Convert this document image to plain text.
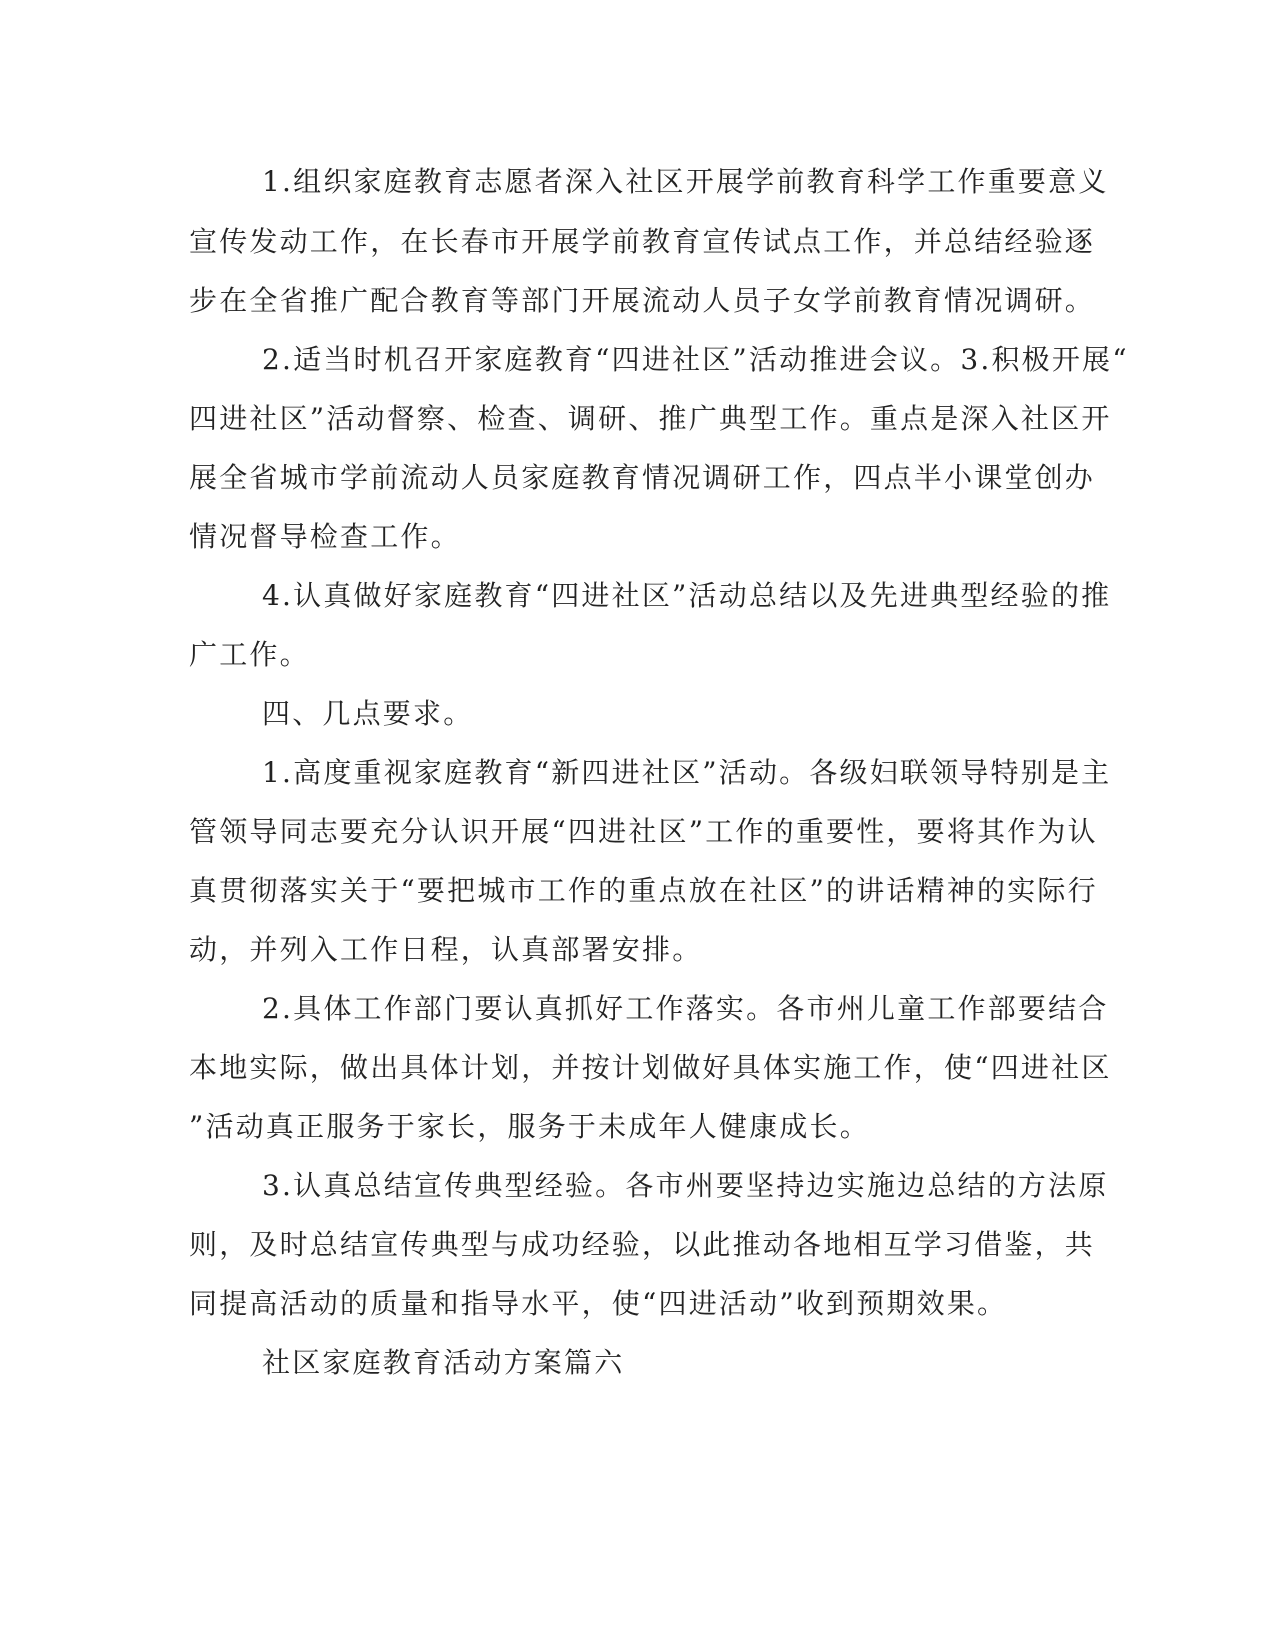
1.组织家庭教育志愿者深入社区开展学前教育科学工作重要意义
宣传发动工作，在长春市开展学前教育宣传试点工作，并总结经验逐
步在全省推广配合教育等部门开展流动人员子女学前教育情况调研。
2.适当时机召开家庭教育“四进社区”活动推进会议。3.积极开展“
四进社区”活动督察、检查、调研、推广典型工作。重点是深入社区开
展全省城市学前流动人员家庭教育情况调研工作，四点半小课堂创办
情况督导检查工作。
4.认真做好家庭教育“四进社区”活动总结以及先进典型经验的推
广工作。
四、几点要求。
1.高度重视家庭教育“新四进社区”活动。各级妇联领导特别是主
管领导同志要充分认识开展“四进社区”工作的重要性，要将其作为认
真贯彻落实关于“要把城市工作的重点放在社区”的讲话精神的实际行
动，并列入工作日程，认真部署安排。
2.具体工作部门要认真抓好工作落实。各市州儿童工作部要结合
本地实际，做出具体计划，并按计划做好具体实施工作，使“四进社区
”活动真正服务于家长，服务于未成年人健康成长。
3.认真总结宣传典型经验。各市州要坚持边实施边总结的方法原
则，及时总结宣传典型与成功经验，以此推动各地相互学习借鉴，共
同提高活动的质量和指导水平，使“四进活动”收到预期效果。
社区家庭教育活动方案篇六
